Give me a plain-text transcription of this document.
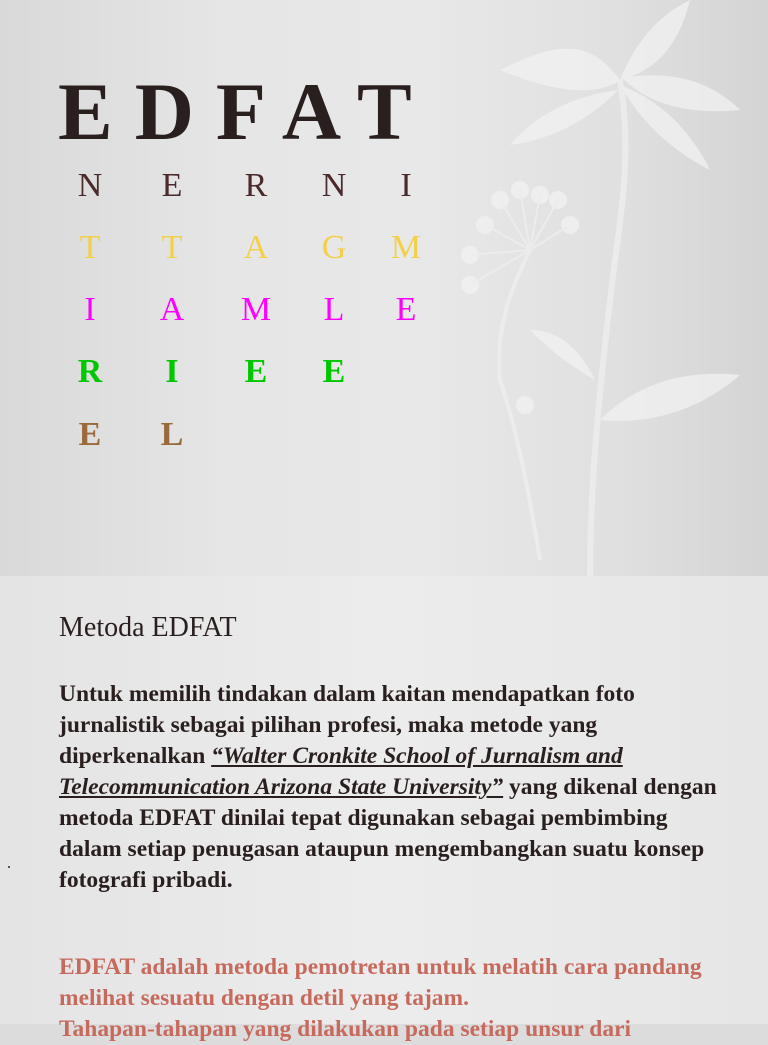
EDFAT
N E R N	I
T T A G M
I	A M L E
R	I	E E
E L
Metoda EDFAT

Untuk memilih tindakan dalam kaitan mendapatkan foto jurnalistik sebagai pilihan profesi, maka metode yang diperkenalkan “Walter Cronkite School of Jurnalism and Telecommunication Arizona State University” yang dikenal dengan metoda EDFAT dinilai tepat digunakan sebagai pembimbing dalam setiap penugasan ataupun mengembangkan suatu konsep fotografi pribadi.

EDFAT adalah metoda pemotretan untuk melatih cara pandang melihat sesuatu dengan detil yang tajam.
Tahapan-tahapan yang dilakukan pada setiap unsur dari
